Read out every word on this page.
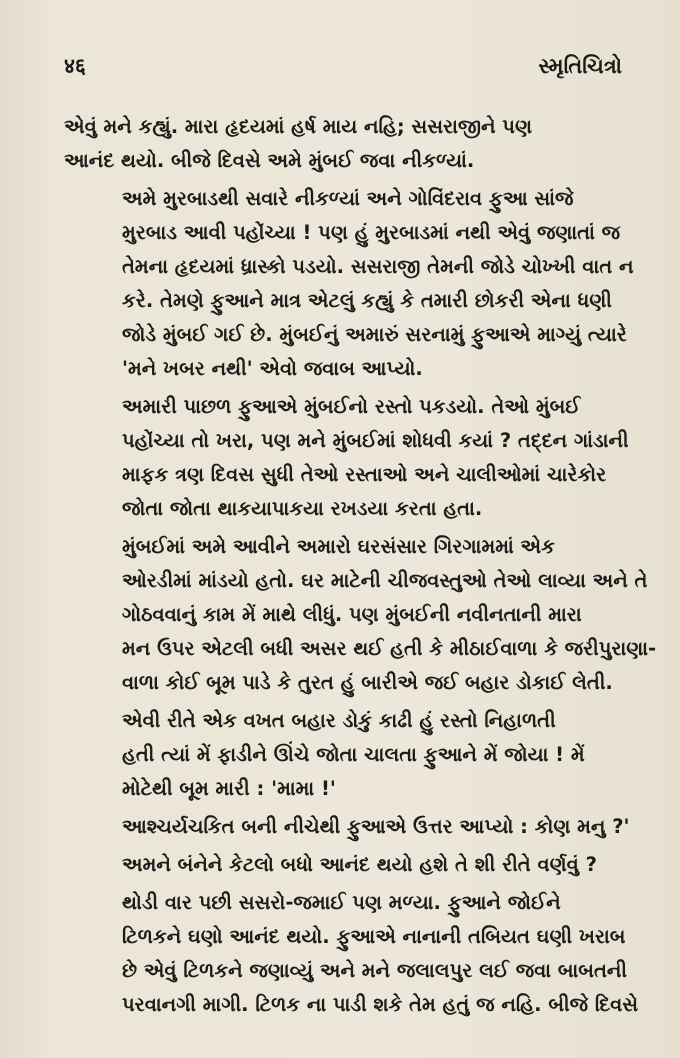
४६	સ્મૃતિચિત્રો
એવું મને કહ્યું. મારા હૃદયમાં હર્ષ માય નહિ; સસરાજીને પણ
આનંદ થયો. બીજે દિવસે અમે મુંબઈ જવા નીકળ્યાં.
અમે મુરબાડથી સવારે નીકળ્યાં અને ગોવિંદરાવ ફુઆ સાંજે
મુરબાડ આવી પહોંચ્યા ! પણ હું મુરબાડમાં નથી એવું જણાતાં જ
તેમના હૃદયમાં ધ્રાસ્કો પડયો. સસરાજી તેમની જોડે ચોખ્ખી વાત ન
કરે. તેમણે ફુઆને માત્ર એટલું કહ્યું કે તમારી છોકરી એના ધણી
જોડે મુંબઈ ગઈ છે. મુંબઈનું અમારું સરનામું ફુઆએ માગ્યું ત્યારે
'મને ખબર નથી' એવો જવાબ આપ્યો.
અમારી પાછળ ફુઆએ મુંબઈનો રસ્તો પકડયો. તેઓ મુંબઈ
પહોંચ્યા તો ખરા, પણ મને મુંબઈમાં શોધવી કયાં ? તદ્દન ગાંડાની
માફક ત્રણ દિવસ સુધી તેઓ રસ્તાઓ અને ચાલીઓમાં ચારેકોર
જોતા જોતા થાકયાપાકયા રખડયા કરતા હતા.
મુંબઈમાં અમે આવીને અમારો ઘરસંસાર ગિરગામમાં એક
ઓરડીમાં માંડયો હતો. ઘર માટેની ચીજવસ્તુઓ તેઓ લાવ્યા અને તે
ગોઠવવાનું કામ મેં માથે લીધું. પણ મુંબઈની નવીનતાની મારા
મન ઉપર એટલી બધી અસર થઈ હતી કે મીઠાઈવાળા કે જરીપુરાણા-
વાળા કોઈ બૂમ પાડે કે તુરત હું બારીએ જઈ બહાર ડોકાઈ લેતી.
એવી રીતે એક વખત બહાર ડોકું કાઢી હું રસ્તો નિહાળતી
હતી ત્યાં મેં ફાડીને ઊંચે જોતા ચાલતા ફુઆને મેં જોયા ! મેં
મોટેથી બૂમ મારી : 'મામા !'
આશ્ચર્યચકિત બની નીચેથી ફુઆએ ઉત્તર આપ્યો : કોણ મનુ ?'
અમને બંનેને કેટલો બધો આનંદ થયો હશે તે શી રીતે વર્ણવું ?
થોડી વાર પછી સસરો-જમાઈ પણ મળ્યા. ફુઆને જોઈને
ટિળકને ઘણો આનંદ થયો. ફુઆએ નાનાની તબિયત ઘણી ખરાબ
છે એવું ટિળકને જણાવ્યું અને મને જલાલપુર લઈ જવા બાબતની
પરવાનગી માગી. ટિળક ના પાડી શકે તેમ હતું જ નહિ. બીજે દિવસે
